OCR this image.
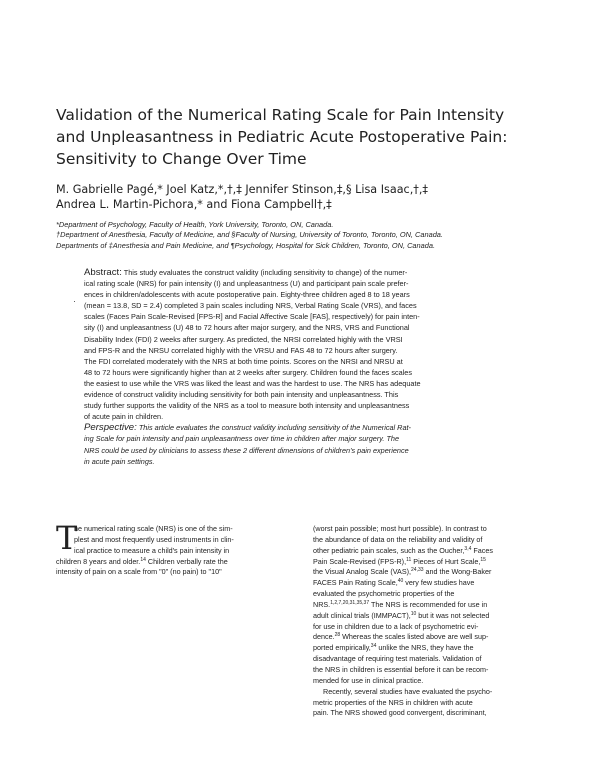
Validation of the Numerical Rating Scale for Pain Intensity
and Unpleasantness in Pediatric Acute Postoperative Pain:
Sensitivity to Change Over Time
M. Gabrielle Pagé,* Joel Katz,*,†,‡ Jennifer Stinson,‡,§ Lisa Isaac,†,‡
Andrea L. Martin-Pichora,* and Fiona Campbell†,‡
*Department of Psychology, Faculty of Health, York University, Toronto, ON, Canada.
†Department of Anesthesia, Faculty of Medicine, and §Faculty of Nursing, University of Toronto, Toronto, ON, Canada.
Departments of ‡Anesthesia and Pain Medicine, and ¶Psychology, Hospital for Sick Children, Toronto, ON, Canada.
·
Abstract: This study evaluates the construct validity (including sensitivity to change) of the numer-
ical rating scale (NRS) for pain intensity (I) and unpleasantness (U) and participant pain scale prefer-
ences in children/adolescents with acute postoperative pain. Eighty-three children aged 8 to 18 years
(mean = 13.8, SD = 2.4) completed 3 pain scales including NRS, Verbal Rating Scale (VRS), and faces
scales (Faces Pain Scale-Revised [FPS-R] and Facial Affective Scale [FAS], respectively) for pain inten-
sity (I) and unpleasantness (U) 48 to 72 hours after major surgery, and the NRS, VRS and Functional
Disability Index (FDI) 2 weeks after surgery. As predicted, the NRSI correlated highly with the VRSI
and FPS-R and the NRSU correlated highly with the VRSU and FAS 48 to 72 hours after surgery.
The FDI correlated moderately with the NRS at both time points. Scores on the NRSI and NRSU at
48 to 72 hours were significantly higher than at 2 weeks after surgery. Children found the faces scales
the easiest to use while the VRS was liked the least and was the hardest to use. The NRS has adequate
evidence of construct validity including sensitivity for both pain intensity and unpleasantness. This
study further supports the validity of the NRS as a tool to measure both intensity and unpleasantness
of acute pain in children.
Perspective: This article evaluates the construct validity including sensitivity of the Numerical Rat-
ing Scale for pain intensity and pain unpleasantness over time in children after major surgery. The
NRS could be used by clinicians to assess these 2 different dimensions of children's pain experience
in acute pain settings.
T
he numerical rating scale (NRS) is one of the sim-
plest and most frequently used instruments in clin-
ical practice to measure a child's pain intensity in
children 8 years and older.$^{14}$ Children verbally rate the
intensity of pain on a scale from "0" (no pain) to "10"
(worst pain possible; most hurt possible). In contrast to
the abundance of data on the reliability and validity of
other pediatric pain scales, such as the Oucher,$^{3,4}$ Faces
Pain Scale-Revised (FPS-R),$^{11}$ Pieces of Hurt Scale,$^{15}$
the Visual Analog Scale (VAS),$^{24,33}$ and the Wong-Baker
FACES Pain Rating Scale,$^{40}$ very few studies have
evaluated the psychometric properties of the
NRS.$^{1,2,7,20,31,35,37}$ The NRS is recommended for use in
adult clinical trials (IMMPACT),$^{10}$ but it was not selected
for use in children due to a lack of psychometric evi-
dence.$^{28}$ Whereas the scales listed above are well sup-
ported empirically,$^{34}$ unlike the NRS, they have the
disadvantage of requiring test materials. Validation of
the NRS in children is essential before it can be recom-
mended for use in clinical practice.
Recently, several studies have evaluated the psycho-
metric properties of the NRS in children with acute
pain. The NRS showed good convergent, discriminant,
